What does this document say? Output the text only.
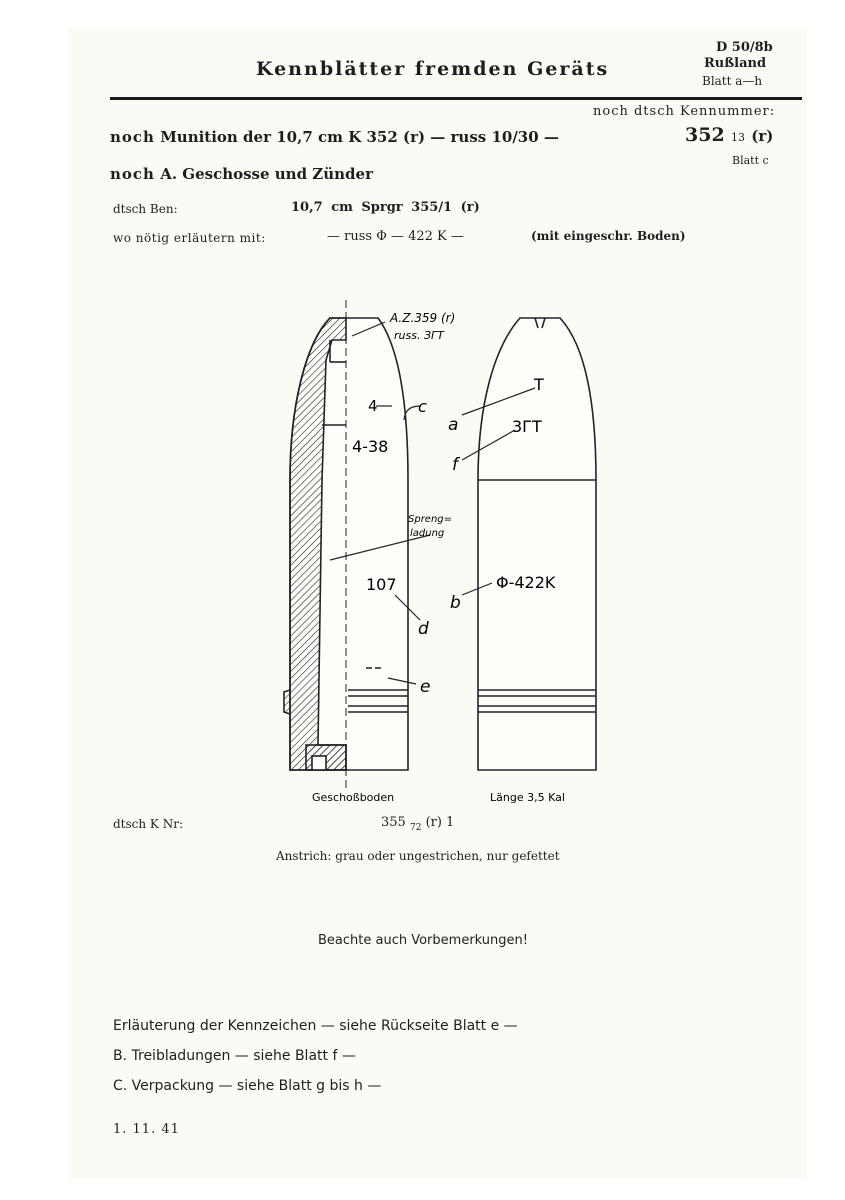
Kennblätter fremden Geräts
D 50/8b
Rußland
Blatt a—h
noch dtsch Kennummer:
352 13 (r)
Blatt c
noch Munition der 10,7 cm K 352 (r) — russ 10/30 —
noch A. Geschosse und Zünder
dtsch Ben:	10,7 cm Sprgr 355/1 (r)
wo nötig erläutern mit:	— russ Φ — 422 K —	(mit eingeschr. Boden)
A.Z.359 (r)
russ. ЗГТ
4	c
4-38
Spreng=
ladung
107
d
e
a
T
f
3ГТ
b
Φ-422K
Geschoßboden	Länge 3,5 Kal
dtsch K Nr:	355 $_{72}$ (r) 1
Anstrich: grau oder ungestrichen, nur gefettet
Beachte auch Vorbemerkungen!
Erläuterung der Kennzeichen — siehe Rückseite Blatt e —
B. Treibladungen — siehe Blatt f —
C. Verpackung — siehe Blatt g bis h —
1. 11. 41
